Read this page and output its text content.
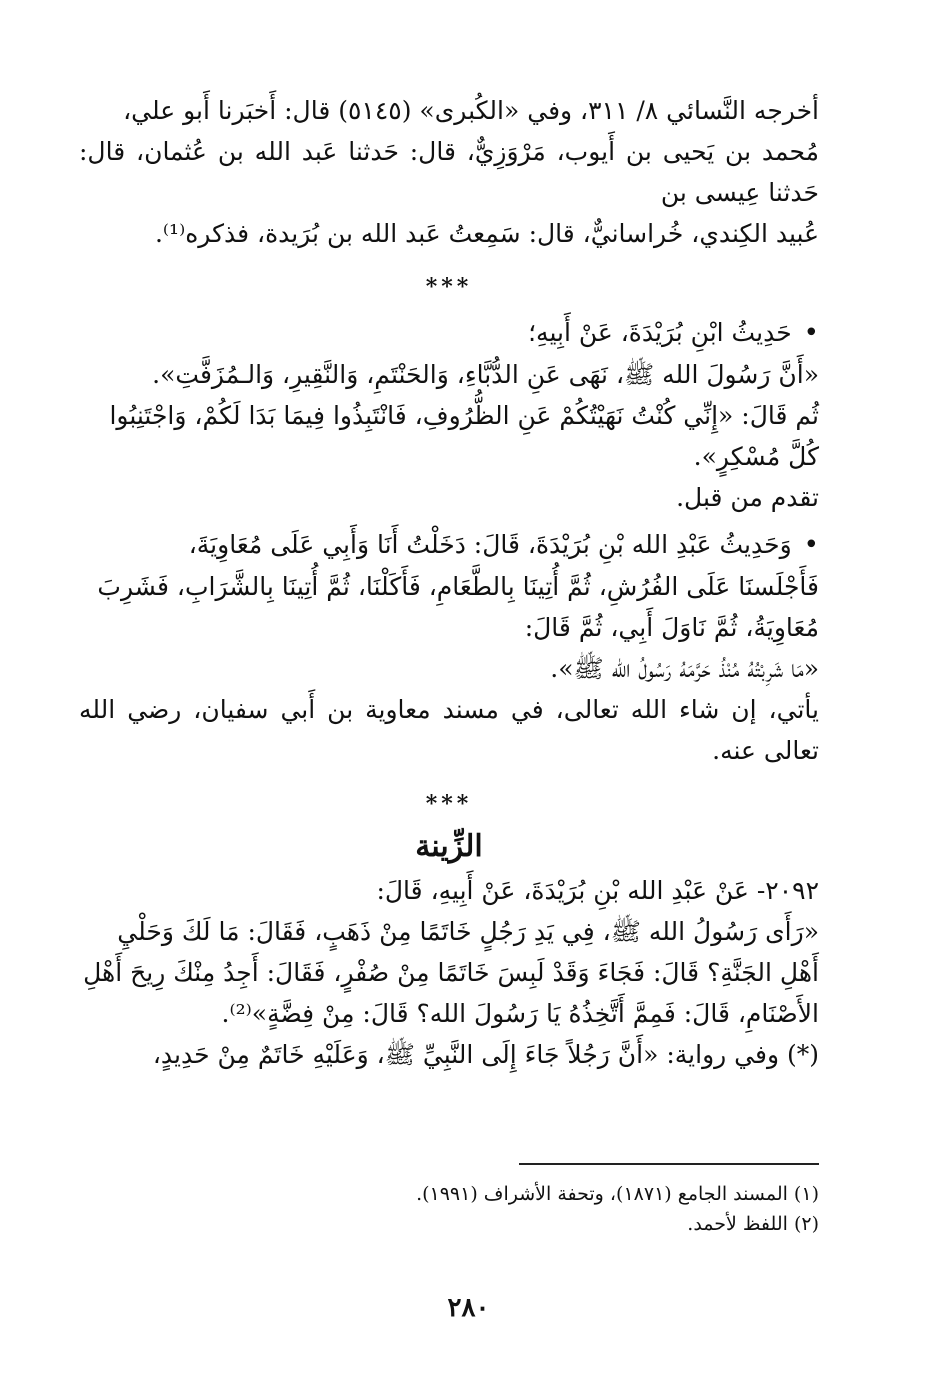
أخرجه النَّسائي ٨/ ٣١١، وفي «الكُبرى» (٥١٤٥) قال: أَخبَرنا أَبو علي،

مُحمد بن يَحيى بن أَيوب، مَرْوَزِيٌّ، قال: حَدثنا عَبد الله بن عُثمان، قال: حَدثنا عِيسى بن

عُبيد الكِندي، خُراسانيٌّ، قال: سَمِعتُ عَبد الله بن بُرَيدة، فذكره⁽¹⁾.

***

• حَدِيثُ ابْنِ بُرَيْدَةَ، عَنْ أَبِيهِ؛

«أَنَّ رَسُولَ الله ﷺ، نَهَى عَنِ الدُّبَّاءِ، وَالحَنْتَمِ، وَالنَّقِيرِ، وَالـمُزَفَّتِ».

ثُم قَالَ: «إِنِّي كُنْتُ نَهَيْتُكُمْ عَنِ الظُّرُوفِ، فَانْتَبِذُوا فِيمَا بَدَا لَكُمْ، وَاجْتَنِبُوا

كُلَّ مُسْكِرٍ».

تقدم من قبل.

• وَحَدِيثُ عَبْدِ الله بْنِ بُرَيْدَةَ، قَالَ: دَخَلْتُ أَنَا وَأَبِي عَلَى مُعَاوِيَةَ،

فَأَجْلَسنَا عَلَى الفُرُشِ، ثُمَّ أُتِينَا بِالطَّعَامِ، فَأَكَلْنَا، ثُمَّ أُتِينَا بِالشَّرَابِ، فَشَرِبَ

مُعَاوِيَةُ، ثُمَّ نَاوَلَ أَبِي، ثُمَّ قَالَ:

«مَا شَرِبْتُهُ مُنْذُ حَرَّمَهُ رَسُولُ الله ﷺ».

يأتي، إن شاء الله تعالى، في مسند معاوية بن أَبي سفيان، رضي الله تعالى عنه.

***
الزِّينة

٢٠٩٢- عَنْ عَبْدِ الله بْنِ بُرَيْدَةَ، عَنْ أَبِيهِ، قَالَ:

«رَأَى رَسُولُ الله ﷺ، فِي يَدِ رَجُلٍ خَاتَمًا مِنْ ذَهَبٍ، فَقَالَ: مَا لَكَ وَحَلْيِ

أَهْلِ الجَنَّةِ؟ قَالَ: فَجَاءَ وَقَدْ لَبِسَ خَاتَمًا مِنْ صُفْرٍ، فَقَالَ: أَجِدُ مِنْكَ رِيحَ أَهْلِ

الأَصْنَامِ، قَالَ: فَمِمَّ أَتَّخِذُهُ يَا رَسُولَ الله؟ قَالَ: مِنْ فِضَّةٍ»⁽²⁾.

(*) وفي رواية: «أَنَّ رَجُلاً جَاءَ إِلَى النَّبِيِّ ﷺ، وَعَلَيْهِ خَاتَمٌ مِنْ حَدِيدٍ،

(١) المسند الجامع (١٨٧١)، وتحفة الأشراف (١٩٩١).

(٢) اللفظ لأحمد.

٢٨٠
